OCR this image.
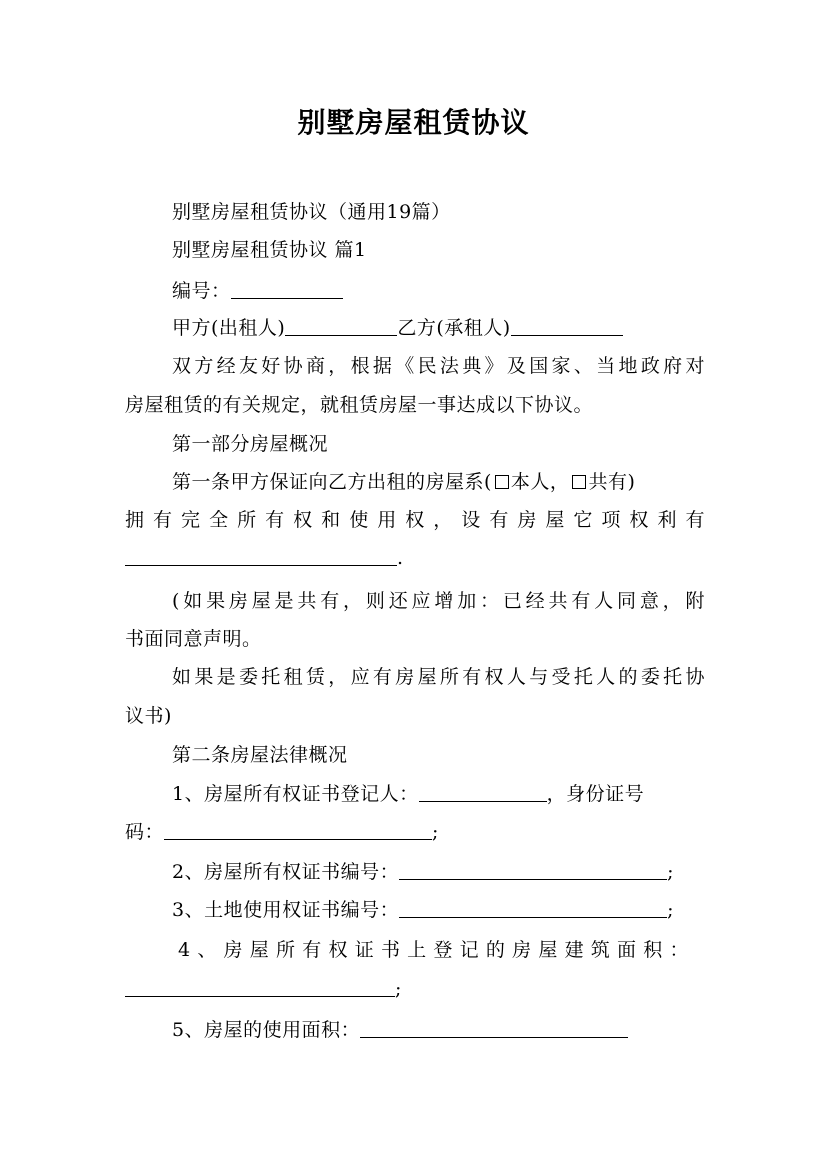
别墅房屋租赁协议
别墅房屋租赁协议（通用19篇）
别墅房屋租赁协议 篇1
编号：
甲方(出租人)	乙方(承租人)
双方经友好协商，根据《民法典》及国家、当地政府对
房屋租赁的有关规定，就租赁房屋一事达成以下协议。
第一部分房屋概况
第一条甲方保证向乙方出租的房屋系( 本人， 共有)
拥有完全所有权和使用权，设有房屋它项权利有
.
(如果房屋是共有，则还应增加：已经共有人同意，附
书面同意声明。
如果是委托租赁，应有房屋所有权人与受托人的委托协
议书)
第二条房屋法律概况
1、房屋所有权证书登记人：	，身份证号
码：	;
2、房屋所有权证书编号：	;
3、土地使用权证书编号：	;
4、房屋所有权证书上登记的房屋建筑面积：
;
5、房屋的使用面积：
